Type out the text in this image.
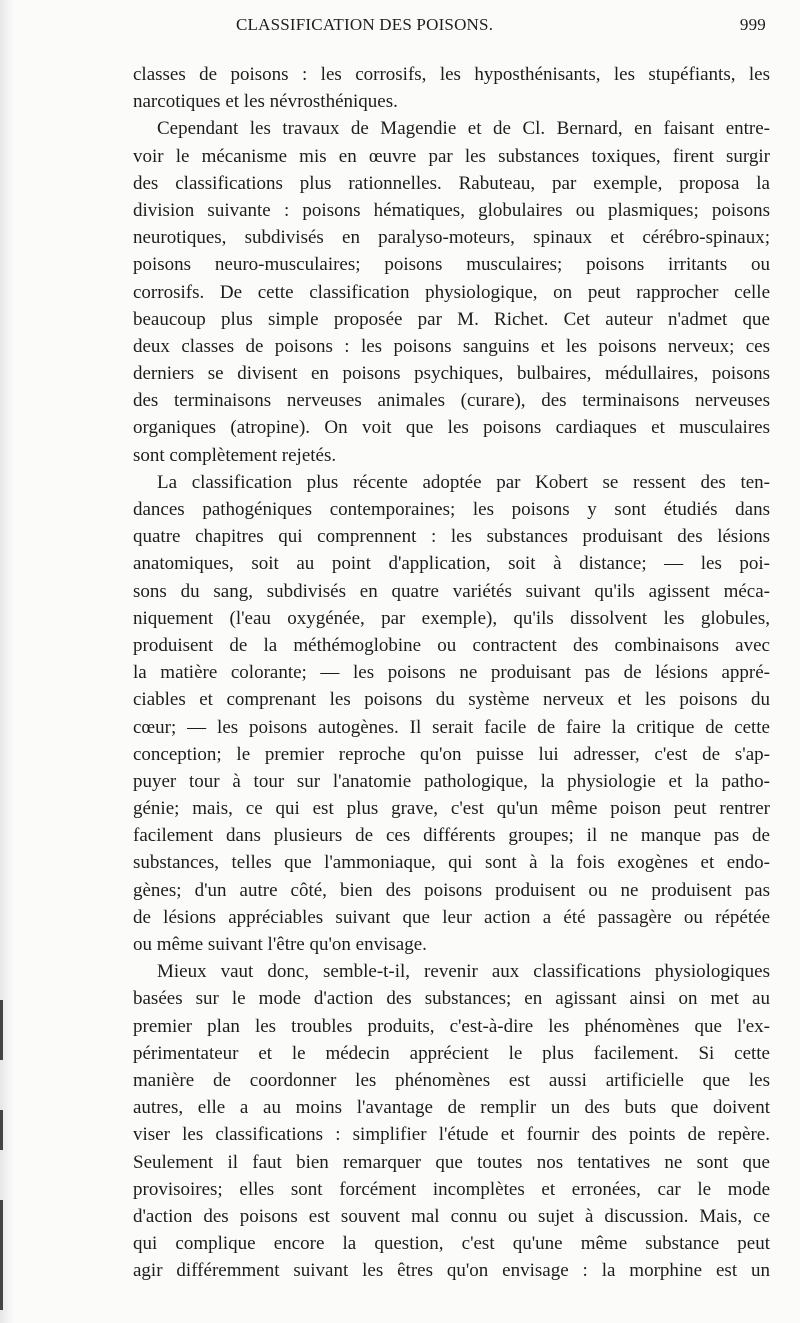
CLASSIFICATION DES POISONS.	999
classes de poisons : les corrosifs, les hyposthénisants, les stupéfiants, les
narcotiques et les névrosthéniques.
Cependant les travaux de Magendie et de Cl. Bernard, en faisant entre-
voir le mécanisme mis en œuvre par les substances toxiques, firent surgir
des classifications plus rationnelles. Rabuteau, par exemple, proposa la
division suivante : poisons hématiques, globulaires ou plasmiques; poisons
neurotiques, subdivisés en paralyso-moteurs, spinaux et cérébro-spinaux;
poisons neuro-musculaires; poisons musculaires; poisons irritants ou
corrosifs. De cette classification physiologique, on peut rapprocher celle
beaucoup plus simple proposée par M. Richet. Cet auteur n'admet que
deux classes de poisons : les poisons sanguins et les poisons nerveux; ces
derniers se divisent en poisons psychiques, bulbaires, médullaires, poisons
des terminaisons nerveuses animales (curare), des terminaisons nerveuses
organiques (atropine). On voit que les poisons cardiaques et musculaires
sont complètement rejetés.
La classification plus récente adoptée par Kobert se ressent des ten-
dances pathogéniques contemporaines; les poisons y sont étudiés dans
quatre chapitres qui comprennent : les substances produisant des lésions
anatomiques, soit au point d'application, soit à distance; — les poi-
sons du sang, subdivisés en quatre variétés suivant qu'ils agissent méca-
niquement (l'eau oxygénée, par exemple), qu'ils dissolvent les globules,
produisent de la méthémoglobine ou contractent des combinaisons avec
la matière colorante; — les poisons ne produisant pas de lésions appré-
ciables et comprenant les poisons du système nerveux et les poisons du
cœur; — les poisons autogènes. Il serait facile de faire la critique de cette
conception; le premier reproche qu'on puisse lui adresser, c'est de s'ap-
puyer tour à tour sur l'anatomie pathologique, la physiologie et la patho-
génie; mais, ce qui est plus grave, c'est qu'un même poison peut rentrer
facilement dans plusieurs de ces différents groupes; il ne manque pas de
substances, telles que l'ammoniaque, qui sont à la fois exogènes et endo-
gènes; d'un autre côté, bien des poisons produisent ou ne produisent pas
de lésions appréciables suivant que leur action a été passagère ou répétée
ou même suivant l'être qu'on envisage.
Mieux vaut donc, semble-t-il, revenir aux classifications physiologiques
basées sur le mode d'action des substances; en agissant ainsi on met au
premier plan les troubles produits, c'est-à-dire les phénomènes que l'ex-
périmentateur et le médecin apprécient le plus facilement. Si cette
manière de coordonner les phénomènes est aussi artificielle que les
autres, elle a au moins l'avantage de remplir un des buts que doivent
viser les classifications : simplifier l'étude et fournir des points de repère.
Seulement il faut bien remarquer que toutes nos tentatives ne sont que
provisoires; elles sont forcément incomplètes et erronées, car le mode
d'action des poisons est souvent mal connu ou sujet à discussion. Mais, ce
qui complique encore la question, c'est qu'une même substance peut
agir différemment suivant les êtres qu'on envisage : la morphine est un
